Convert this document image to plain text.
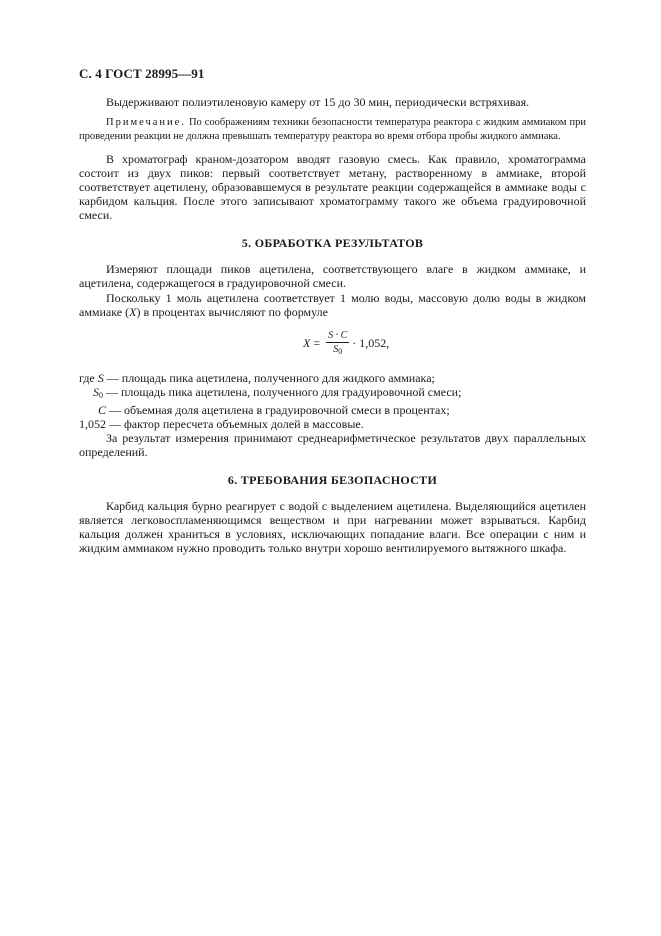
С. 4 ГОСТ 28995—91

Выдерживают полиэтиленовую камеру от 15 до 30 мин, периодически встряхивая.

Примечание. По соображениям техники безопасности температура реактора с жидким аммиаком при проведении реакции не должна превышать температуру реактора во время отбора пробы жидкого аммиака.

В хроматограф краном-дозатором вводят газовую смесь. Как правило, хроматограмма состоит из двух пиков: первый соответствует метану, растворенному в аммиаке, второй соответствует ацетилену, образовавшемуся в результате реакции содержащейся в аммиаке воды с карбидом кальция. После этого записывают хроматограмму такого же объема градуировочной смеси.

5. ОБРАБОТКА РЕЗУЛЬТАТОВ

Измеряют площади пиков ацетилена, соответствующего влаге в жидком аммиаке, и ацетилена, содержащегося в градуировочной смеси.

Поскольку 1 моль ацетилена соответствует 1 молю воды, массовую долю воды в жидком аммиаке (X) в процентах вычисляют по формуле

$X = \frac{S \cdot C}{S_0} \cdot 1,052$,

где S — площадь пика ацетилена, полученного для жидкого аммиака;

$S_0$ — площадь пика ацетилена, полученного для градуировочной смеси;

C — объемная доля ацетилена в градуировочной смеси в процентах;

1,052 — фактор пересчета объемных долей в массовые.

За результат измерения принимают среднеарифметическое результатов двух параллельных определений.

6. ТРЕБОВАНИЯ БЕЗОПАСНОСТИ

Карбид кальция бурно реагирует с водой с выделением ацетилена. Выделяющийся ацетилен является легковоспламеняющимся веществом и при нагревании может взрываться. Карбид кальция должен храниться в условиях, исключающих попадание влаги. Все операции с ним и жидким аммиаком нужно проводить только внутри хорошо вентилируемого вытяжного шкафа.
